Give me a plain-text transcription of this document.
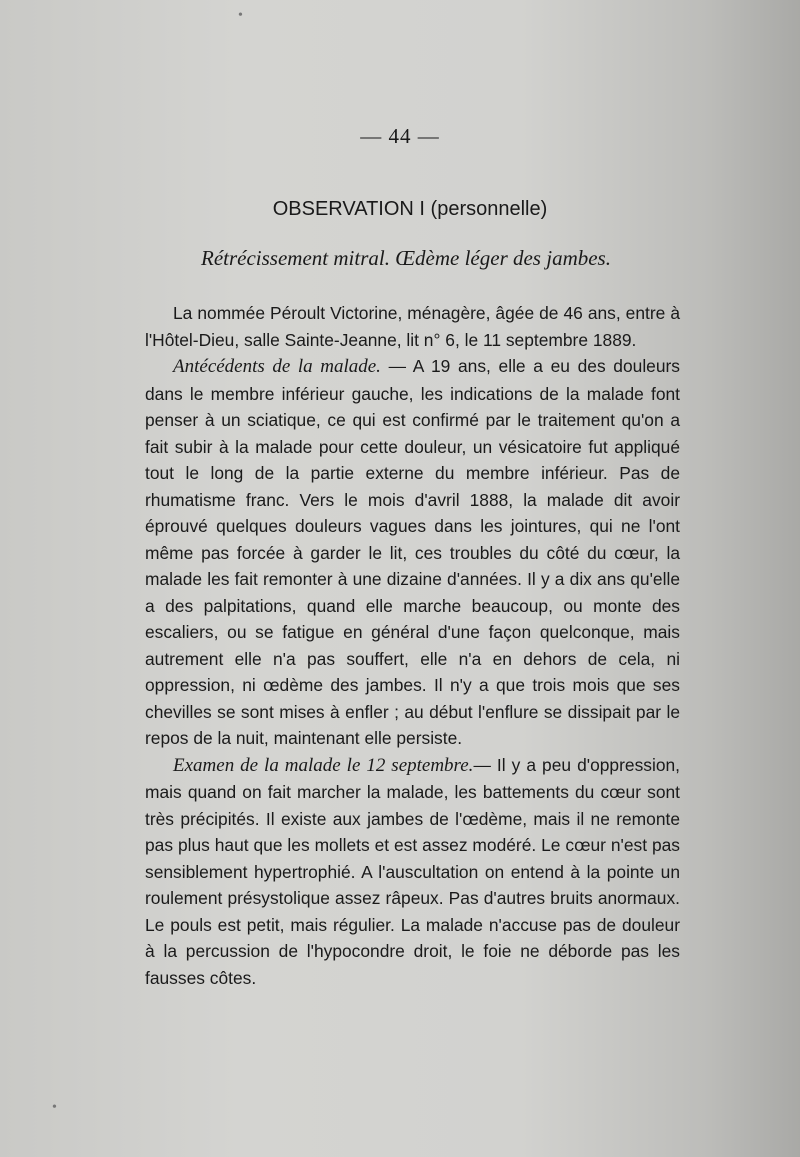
— 44 —
OBSERVATION I (personnelle)
Rétrécissement mitral. Œdème léger des jambes.

La nommée Péroult Victorine, ménagère, âgée de 46 ans, entre à l'Hôtel-Dieu, salle Sainte-Jeanne, lit n° 6, le 11 septembre 1889.

Antécédents de la malade. — A 19 ans, elle a eu des douleurs dans le membre inférieur gauche, les indications de la malade font penser à un sciatique, ce qui est confirmé par le traitement qu'on a fait subir à la malade pour cette douleur, un vésicatoire fut appliqué tout le long de la partie externe du membre inférieur. Pas de rhumatisme franc. Vers le mois d'avril 1888, la malade dit avoir éprouvé quelques douleurs vagues dans les jointures, qui ne l'ont même pas forcée à garder le lit, ces troubles du côté du cœur, la malade les fait remonter à une dizaine d'années. Il y a dix ans qu'elle a des palpitations, quand elle marche beaucoup, ou monte des escaliers, ou se fatigue en général d'une façon quelconque, mais autrement elle n'a pas souffert, elle n'a en dehors de cela, ni oppression, ni œdème des jambes. Il n'y a que trois mois que ses chevilles se sont mises à enfler ; au début l'enflure se dissipait par le repos de la nuit, maintenant elle persiste.

Examen de la malade le 12 septembre.— Il y a peu d'oppression, mais quand on fait marcher la malade, les battements du cœur sont très précipités. Il existe aux jambes de l'œdème, mais il ne remonte pas plus haut que les mollets et est assez modéré. Le cœur n'est pas sensiblement hypertrophié. A l'auscultation on entend à la pointe un roulement présystolique assez râpeux. Pas d'autres bruits anormaux. Le pouls est petit, mais régulier. La malade n'accuse pas de douleur à la percussion de l'hypocondre droit, le foie ne déborde pas les fausses côtes.

•
•
